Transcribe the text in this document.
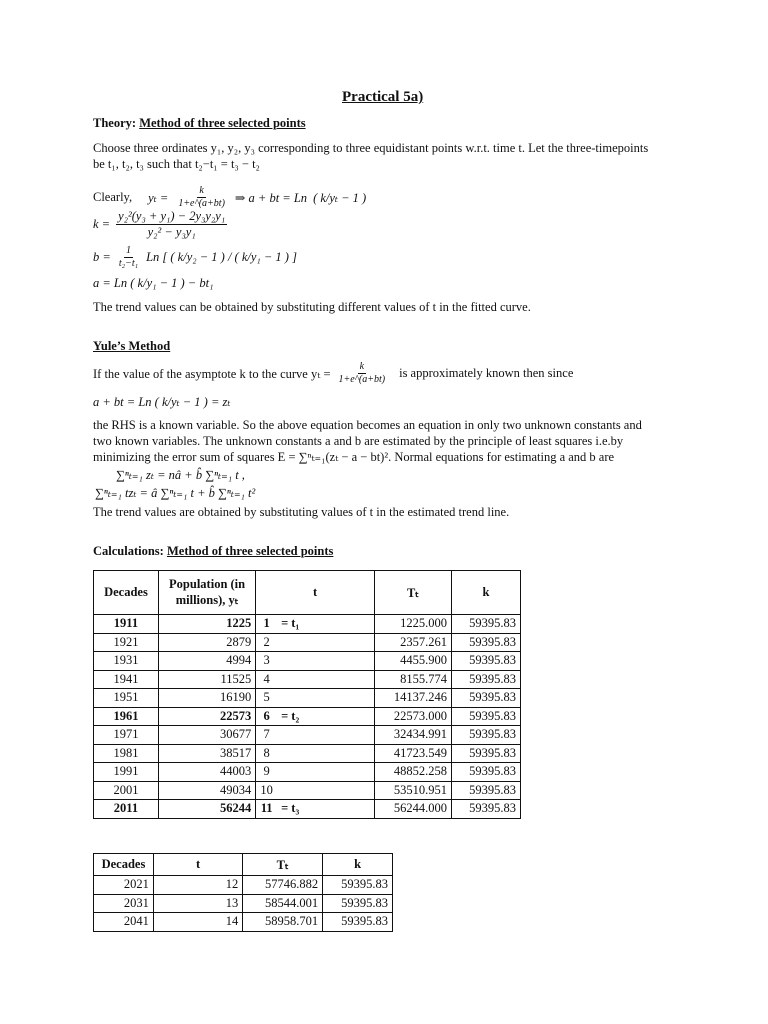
Practical 5a)
Theory: Method of three selected points
Choose three ordinates y₁, y₂, y₃ corresponding to three equidistant points w.r.t. time t. Let the three-timepoints
be t₁, t₂, t₃ such that t₂−t₁ = t₃ − t₂
Clearly, $y_t = \frac{k}{1+e\^{}(a+bt)}$ ⇒ a + bt = Ln ( k/yₜ − 1 )
$k = \frac{\text{y₂²(y₃ + y₁) − 2y₃y₂y₁}}{\text{y₂² − y₃y₁}}$
$b = \frac{1}{\text{t₂−t₁}}$ Ln [ ( k/y₂ − 1 ) / ( k/y₁ − 1 ) ]
a = Ln ( k/y₁ − 1 ) − bt₁
The trend values can be obtained by substituting different values of t in the fitted curve.
Yule’s Method
If the value of the asymptote k to the curve $y_t = \frac{k}{1+e\^{}(a+bt)}$ is approximately known then since
a + bt = Ln ( k/yₜ − 1 ) = zₜ
the RHS is a known variable. So the above equation becomes an equation in only two unknown constants and
two known variables. The unknown constants a and b are estimated by the principle of least squares i.e.by
minimizing the error sum of squares E = ∑ⁿₜ₌₁(zₜ − a − bt)². Normal equations for estimating a and b are
∑ⁿₜ₌₁ zₜ = nâ + b̂ ∑ⁿₜ₌₁ t ,
∑ⁿₜ₌₁ tzₜ = â ∑ⁿₜ₌₁ t + b̂ ∑ⁿₜ₌₁ t²
The trend values are obtained by substituting values of t in the estimated trend line.
Calculations: Method of three selected points
Decades	Population (in millions), yₜ	t		Tₜ	k
1911	1225	1	= t₁	1225.000	59395.83
1921	2879	2		2357.261	59395.83
1931	4994	3		4455.900	59395.83
1941	11525	4		8155.774	59395.83
1951	16190	5		14137.246	59395.83
1961	22573	6	= t₂	22573.000	59395.83
1971	30677	7		32434.991	59395.83
1981	38517	8		41723.549	59395.83
1991	44003	9		48852.258	59395.83
2001	49034	10		53510.951	59395.83
2011	56244	11	= t₃	56244.000	59395.83
Decades	t	Tₜ	k
2021	12	57746.882	59395.83
2031	13	58544.001	59395.83
2041	14	58958.701	59395.83
